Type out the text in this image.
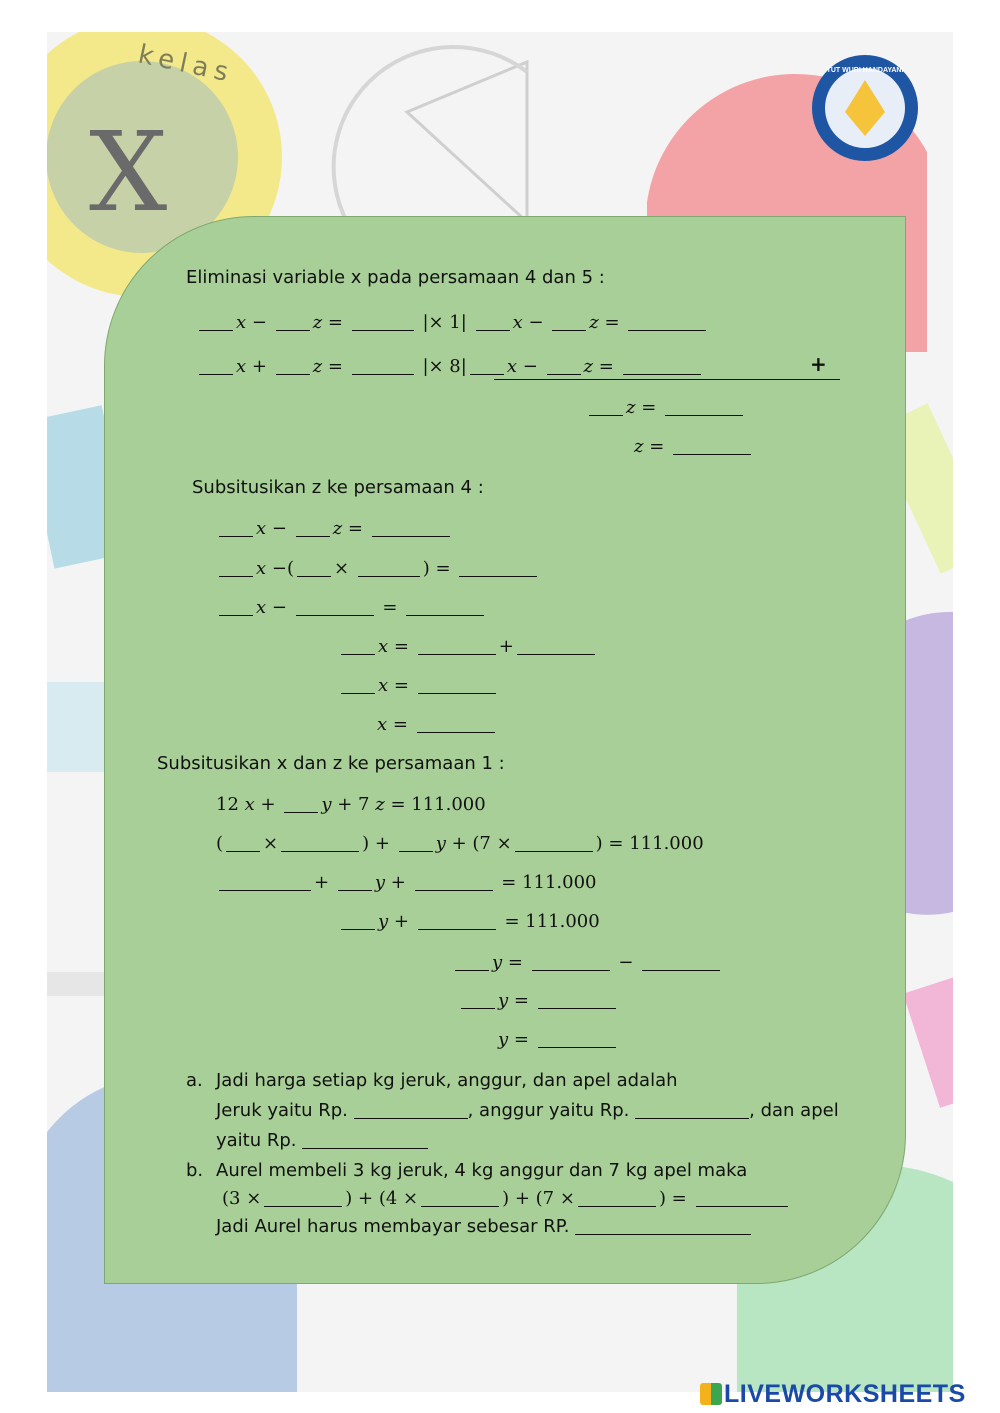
kelas
X
TUT WURI HANDAYANI
Eliminasi variable x pada persamaan 4 dan 5 :
x − z =	|× 1|	x − z =
x + z =	|× 8| x − z =	+
z =
z =
Subsitusikan z ke persamaan 4 :
x − z =
x −( ×	) =
x −	=
x =	+
x =
x =
Subsitusikan x dan z ke persamaan 1 :
12 x + y + 7 z = 111.000
( ×	) + y + (7 ×	) = 111.000
+ y +	= 111.000
y +	= 111.000
y =	−
y =
y =
a. Jadi harga setiap kg jeruk, anggur, dan apel adalah
Jeruk yaitu Rp.	, anggur yaitu Rp.	, dan apel
yaitu Rp.
b. Aurel membeli 3 kg jeruk, 4 kg anggur dan 7 kg apel maka
(3 ×	) + (4 ×	) + (7 ×	) =
Jadi Aurel harus membayar sebesar RP.
LIVEWORKSHEETS
